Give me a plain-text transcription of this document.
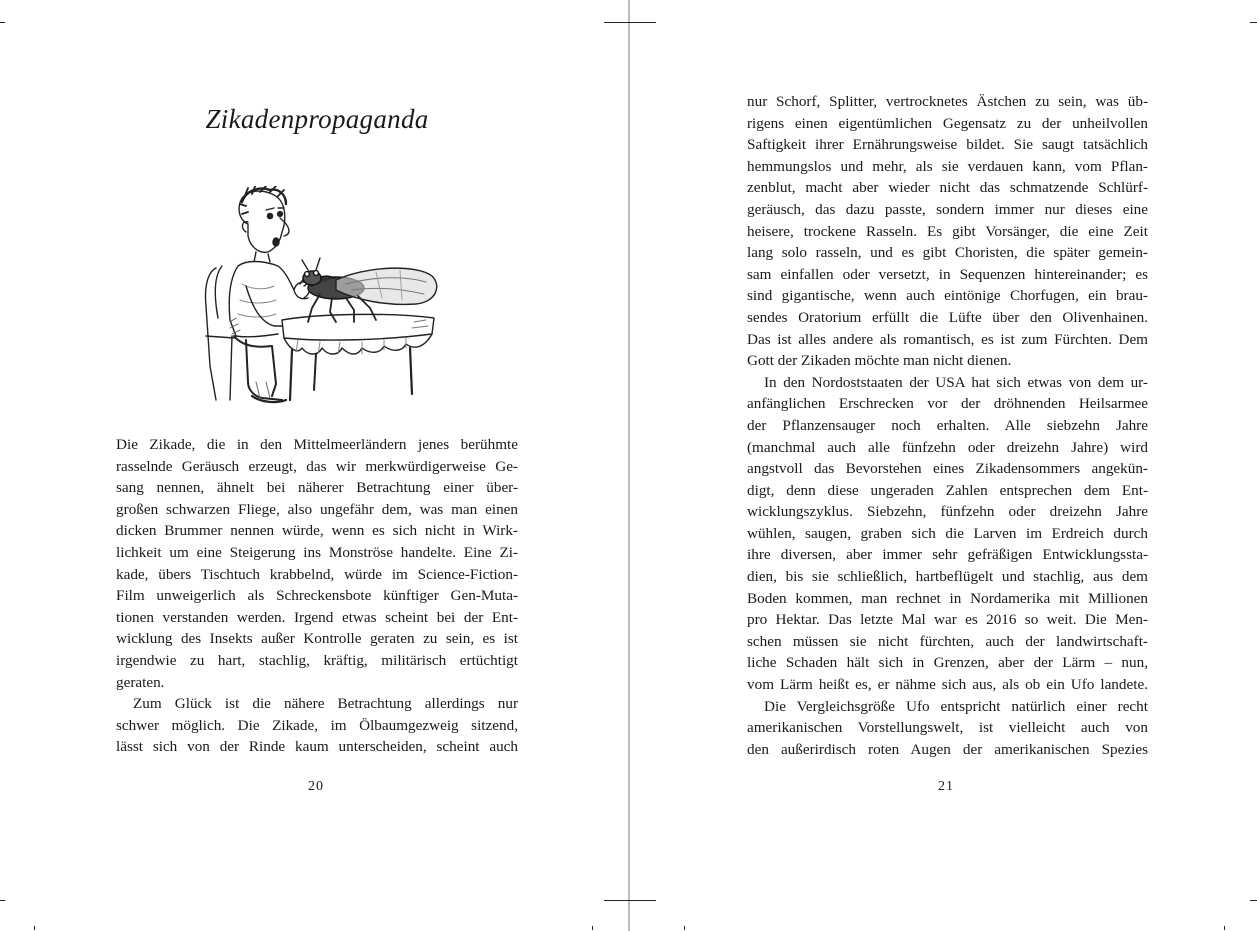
Zikadenpropaganda
Die Zikade, die in den Mittelmeerländern jenes berühmte
rasselnde Geräusch erzeugt, das wir merkwürdigerweise Ge-
sang nennen, ähnelt bei näherer Betrachtung einer über-
großen schwarzen Fliege, also ungefähr dem, was man einen
dicken Brummer nennen würde, wenn es sich nicht in Wirk-
lichkeit um eine Steigerung ins Monströse handelte. Eine Zi-
kade, übers Tischtuch krabbelnd, würde im Science-Fiction-
Film unweigerlich als Schreckensbote künftiger Gen-Muta-
tionen verstanden werden. Irgend etwas scheint bei der Ent-
wicklung des Insekts außer Kontrolle geraten zu sein, es ist
irgendwie zu hart, stachlig, kräftig, militärisch ertüchtigt
geraten.
Zum Glück ist die nähere Betrachtung allerdings nur
schwer möglich. Die Zikade, im Ölbaumgezweig sitzend,
lässt sich von der Rinde kaum unterscheiden, scheint auch
20
nur Schorf, Splitter, vertrocknetes Ästchen zu sein, was üb-
rigens einen eigentümlichen Gegensatz zu der unheilvollen
Saftigkeit ihrer Ernährungsweise bildet. Sie saugt tatsächlich
hemmungslos und mehr, als sie verdauen kann, vom Pflan-
zenblut, macht aber wieder nicht das schmatzende Schlürf-
geräusch, das dazu passte, sondern immer nur dieses eine
heisere, trockene Rasseln. Es gibt Vorsänger, die eine Zeit
lang solo rasseln, und es gibt Choristen, die später gemein-
sam einfallen oder versetzt, in Sequenzen hintereinander; es
sind gigantische, wenn auch eintönige Chorfugen, ein brau-
sendes Oratorium erfüllt die Lüfte über den Olivenhainen.
Das ist alles andere als romantisch, es ist zum Fürchten. Dem
Gott der Zikaden möchte man nicht dienen.
In den Nordoststaaten der USA hat sich etwas von dem ur-
anfänglichen Erschrecken vor der dröhnenden Heilsarmee
der Pflanzensauger noch erhalten. Alle siebzehn Jahre
(manchmal auch alle fünfzehn oder dreizehn Jahre) wird
angstvoll das Bevorstehen eines Zikadensommers angekün-
digt, denn diese ungeraden Zahlen entsprechen dem Ent-
wicklungszyklus. Siebzehn, fünfzehn oder dreizehn Jahre
wühlen, saugen, graben sich die Larven im Erdreich durch
ihre diversen, aber immer sehr gefräßigen Entwicklungssta-
dien, bis sie schließlich, hartbeflügelt und stachlig, aus dem
Boden kommen, man rechnet in Nordamerika mit Millionen
pro Hektar. Das letzte Mal war es 2016 so weit. Die Men-
schen müssen sie nicht fürchten, auch der landwirtschaft-
liche Schaden hält sich in Grenzen, aber der Lärm – nun,
vom Lärm heißt es, er nähme sich aus, als ob ein Ufo landete.
Die Vergleichsgröße Ufo entspricht natürlich einer recht
amerikanischen Vorstellungswelt, ist vielleicht auch von
den außerirdisch roten Augen der amerikanischen Spezies
21
